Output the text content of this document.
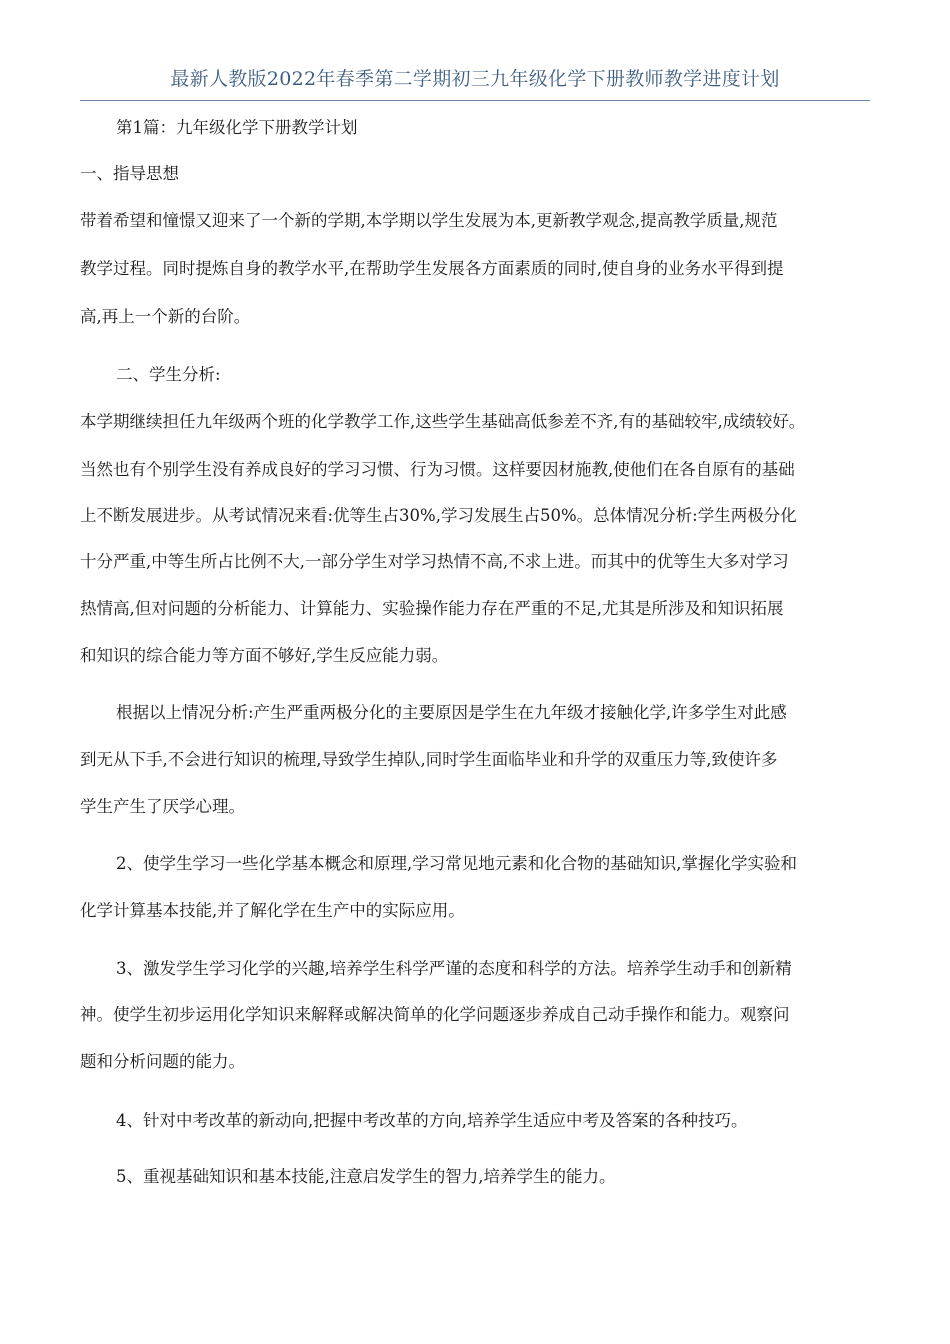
最新人教版2022年春季第二学期初三九年级化学下册教师教学进度计划
第1篇：九年级化学下册教学计划
一、指导思想
带着希望和憧憬又迎来了一个新的学期,本学期以学生发展为本,更新教学观念,提高教学质量,规范
教学过程。同时提炼自身的教学水平,在帮助学生发展各方面素质的同时,使自身的业务水平得到提
高,再上一个新的台阶。
二、学生分析:
本学期继续担任九年级两个班的化学教学工作,这些学生基础高低参差不齐,有的基础较牢,成绩较好。
当然也有个别学生没有养成良好的学习习惯、行为习惯。这样要因材施教,使他们在各自原有的基础
上不断发展进步。从考试情况来看:优等生占30%,学习发展生占50%。总体情况分析:学生两极分化
十分严重,中等生所占比例不大,一部分学生对学习热情不高,不求上进。而其中的优等生大多对学习
热情高,但对问题的分析能力、计算能力、实验操作能力存在严重的不足,尤其是所涉及和知识拓展
和知识的综合能力等方面不够好,学生反应能力弱。
根据以上情况分析:产生严重两极分化的主要原因是学生在九年级才接触化学,许多学生对此感
到无从下手,不会进行知识的梳理,导致学生掉队,同时学生面临毕业和升学的双重压力等,致使许多
学生产生了厌学心理。
2、使学生学习一些化学基本概念和原理,学习常见地元素和化合物的基础知识,掌握化学实验和
化学计算基本技能,并了解化学在生产中的实际应用。
3、激发学生学习化学的兴趣,培养学生科学严谨的态度和科学的方法。培养学生动手和创新精
神。使学生初步运用化学知识来解释或解决简单的化学问题逐步养成自己动手操作和能力。观察问
题和分析问题的能力。
4、针对中考改革的新动向,把握中考改革的方向,培养学生适应中考及答案的各种技巧。
5、重视基础知识和基本技能,注意启发学生的智力,培养学生的能力。
